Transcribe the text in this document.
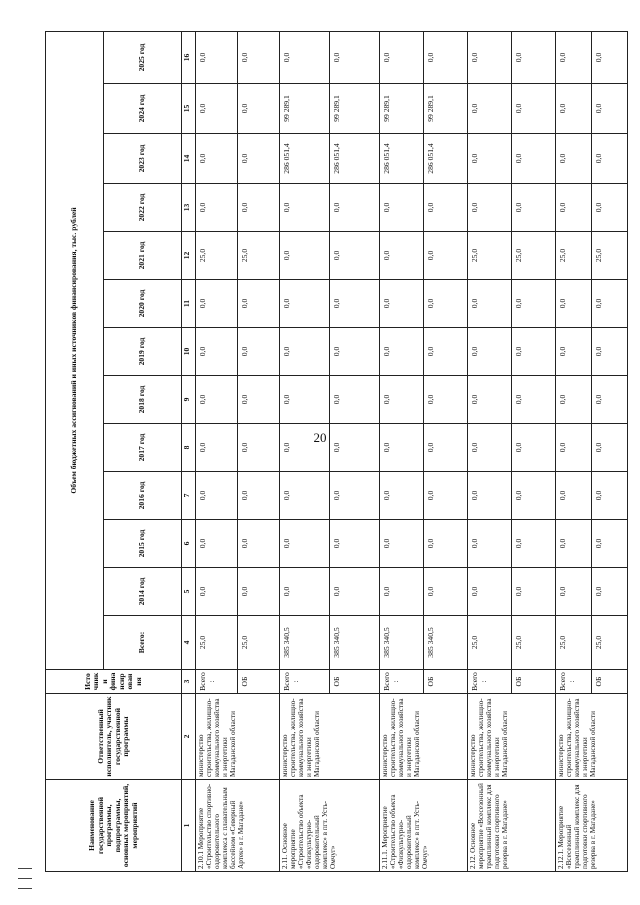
20
Наименование государственной программы, подпрограммы, основных мероприятий, мероприятий	Ответственный исполнитель, участник государственной программы	Источники финансирования	Объем бюджетных ассигнований и иных источников финансирования, тыс. рублей												
			Всего:	2014 год	2015 год	2016 год	2017 год	2018 год	2019 год	2020 год	2021 год	2022 год	2023 год	2024 год	2025 год
1	2	3	4	5	6	7	8	9	10	11	12	13	14	15	16
2.10.1 Мероприятие «Строительство спортивно-оздоровительного комплекса с плавательным бассейном «Северный Артек» в г. Магадане»	министерство строительства, жилищно-коммунального хозяйства и энергетики Магаданской области	Всего:	25,0	0,0	0,0	0,0	0,0	0,0	0,0	0,0	25,0	0,0	0,0	0,0	0,0
		ОБ	25,0	0,0	0,0	0,0	0,0	0,0	0,0	0,0	25,0	0,0	0,0	0,0	0,0
2.11. Основное мероприятие «Строительство объекта «Физкультурно-оздоровительный комплекс» в пгт. Усть-Омчуг»	министерство строительства, жилищно-коммунального хозяйства и энергетики Магаданской области	Всего:	385 340,5	0,0	0,0	0,0	0,0	0,0	0,0	0,0	0,0	0,0	286 051,4	99 289,1	0,0
		ОБ	385 340,5	0,0	0,0	0,0	0,0	0,0	0,0	0,0	0,0	0,0	286 051,4	99 289,1	0,0
2.11.1. Мероприятие «Строительство объекта «Физкультурно-оздоровительный комплекс» в пгт. Усть-Омчуг»	министерство строительства, жилищно-коммунального хозяйства и энергетики Магаданской области	Всего:	385 340,5	0,0	0,0	0,0	0,0	0,0	0,0	0,0	0,0	0,0	286 051,4	99 289,1	0,0
		ОБ	385 340,5	0,0	0,0	0,0	0,0	0,0	0,0	0,0	0,0	0,0	286 051,4	99 289,1	0,0
2.12. Основное мероприятие «Всесезонный трамплинный комплекс для подготовки спортивного резерва в г. Магадане»	министерство строительства, жилищно-коммунального хозяйства и энергетики Магаданской области	Всего:	25,0	0,0	0,0	0,0	0,0	0,0	0,0	0,0	25,0	0,0	0,0	0,0	0,0
		ОБ	25,0	0,0	0,0	0,0	0,0	0,0	0,0	0,0	25,0	0,0	0,0	0,0	0,0
2.12.1. Мероприятие «Всесезонный трамплинный комплекс для подготовки спортивного резерва в г. Магадане»	министерство строительства, жилищно-коммунального хозяйства и энергетики Магаданской области	Всего:	25,0	0,0	0,0	0,0	0,0	0,0	0,0	0,0	25,0	0,0	0,0	0,0	0,0
		ОБ	25,0	0,0	0,0	0,0	0,0	0,0	0,0	0,0	25,0	0,0	0,0	0,0	0,0
